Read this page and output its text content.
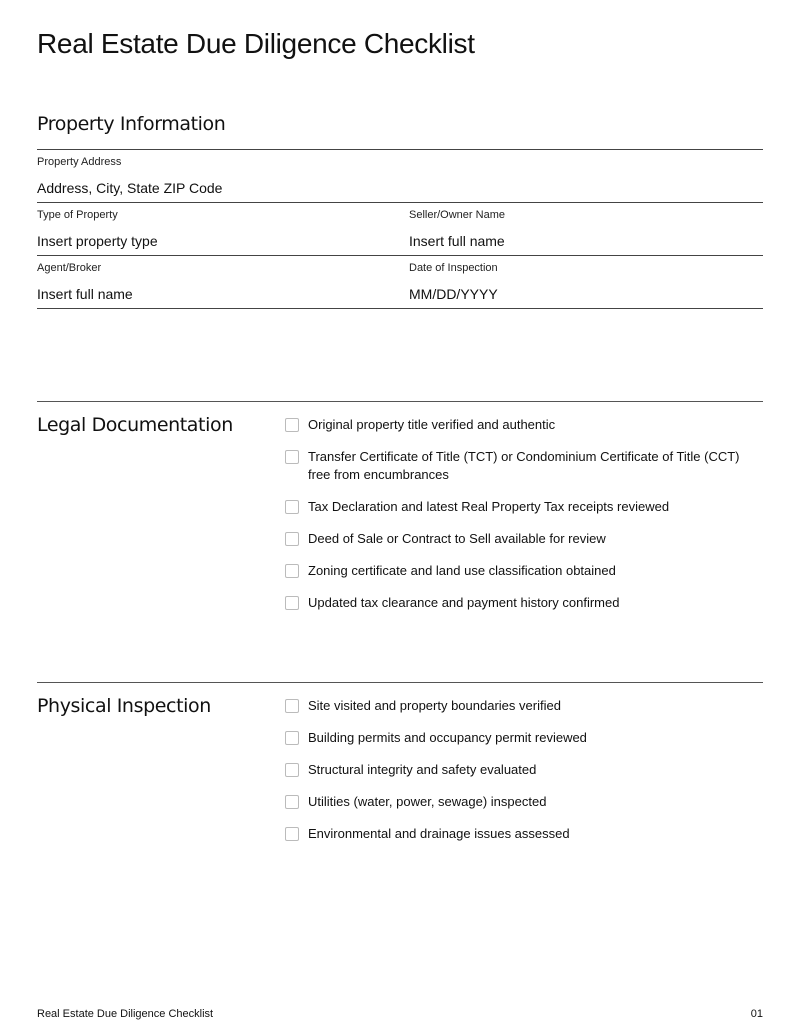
Real Estate Due Diligence Checklist
Property Information
Property Address
Address, City, State ZIP Code
Type of Property
Insert property type
Seller/Owner Name
Insert full name
Agent/Broker
Insert full name
Date of Inspection
MM/DD/YYYY
Legal Documentation	Original property title verified and authentic
Transfer Certificate of Title (TCT) or Condominium Certificate of Title (CCT) free from encumbrances
Tax Declaration and latest Real Property Tax receipts reviewed
Deed of Sale or Contract to Sell available for review
Zoning certificate and land use classification obtained
Updated tax clearance and payment history confirmed
Physical Inspection	Site visited and property boundaries verified
Building permits and occupancy permit reviewed
Structural integrity and safety evaluated
Utilities (water, power, sewage) inspected
Environmental and drainage issues assessed
Real Estate Due Diligence Checklist	01
